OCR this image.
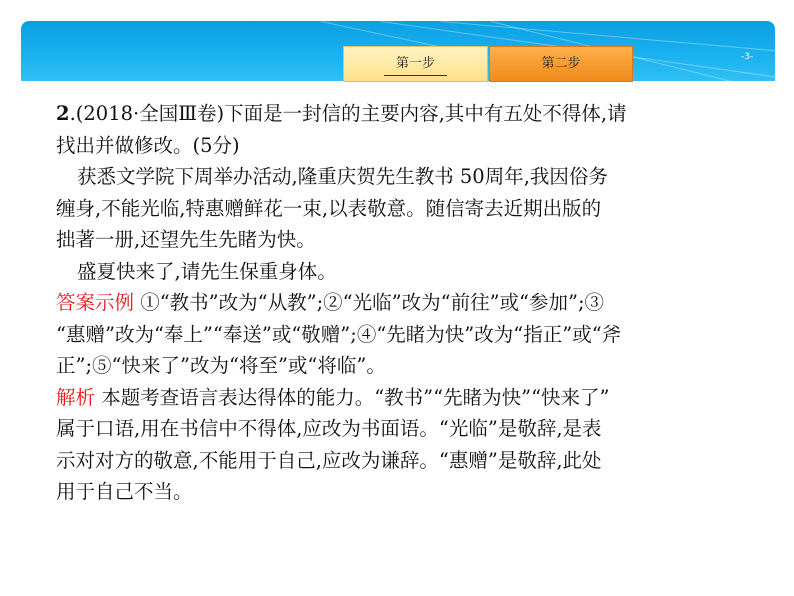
第一步	第二步	-3-
2.(2018·全国Ⅲ卷)下面是一封信的主要内容,其中有五处不得体,请
找出并做修改。(5分)
获悉文学院下周举办活动,隆重庆贺先生教书 50周年,我因俗务
缠身,不能光临,特惠赠鲜花一束,以表敬意。随信寄去近期出版的
拙著一册,还望先生先睹为快。
盛夏快来了,请先生保重身体。
答案示例 ①“教书”改为“从教”;②“光临”改为“前往”或“参加”;③
“惠赠”改为“奉上”“奉送”或“敬赠”;④“先睹为快”改为“指正”或“斧
正”;⑤“快来了”改为“将至”或“将临”。
解析 本题考查语言表达得体的能力。“教书”“先睹为快”“快来了”
属于口语,用在书信中不得体,应改为书面语。“光临”是敬辞,是表
示对对方的敬意,不能用于自己,应改为谦辞。“惠赠”是敬辞,此处
用于自己不当。
